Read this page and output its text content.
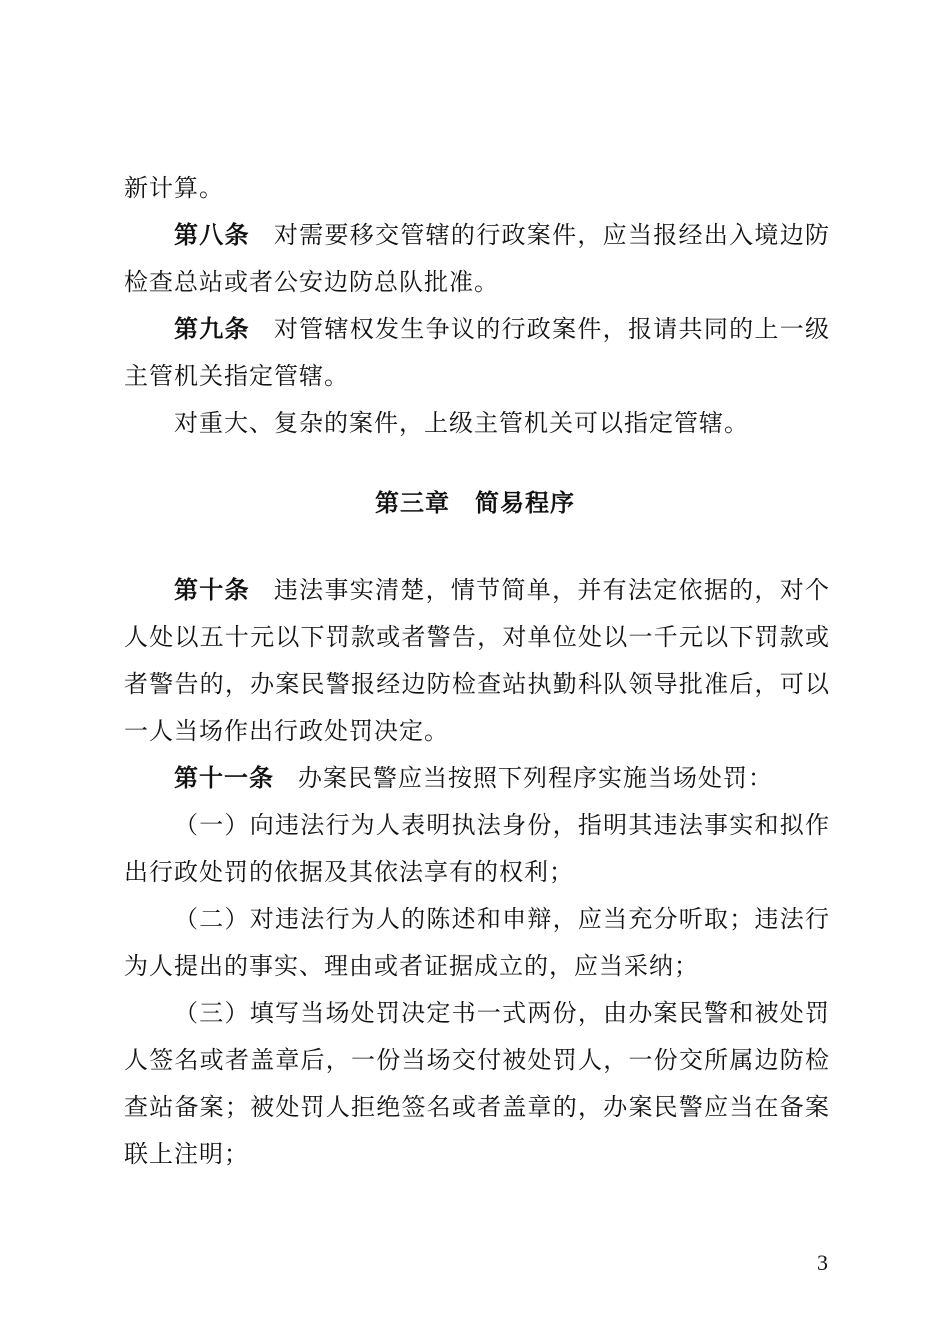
新计算。

第八条 对需要移交管辖的行政案件，应当报经出入境边防检查总站或者公安边防总队批准。

第九条 对管辖权发生争议的行政案件，报请共同的上一级主管机关指定管辖。

对重大、复杂的案件，上级主管机关可以指定管辖。

第三章　简易程序

第十条 违法事实清楚，情节简单，并有法定依据的，对个人处以五十元以下罚款或者警告，对单位处以一千元以下罚款或者警告的，办案民警报经边防检查站执勤科队领导批准后，可以一人当场作出行政处罚决定。

第十一条 办案民警应当按照下列程序实施当场处罚：

（一）向违法行为人表明执法身份，指明其违法事实和拟作出行政处罚的依据及其依法享有的权利；

（二）对违法行为人的陈述和申辩，应当充分听取；违法行为人提出的事实、理由或者证据成立的，应当采纳；

（三）填写当场处罚决定书一式两份，由办案民警和被处罚人签名或者盖章后，一份当场交付被处罚人，一份交所属边防检查站备案；被处罚人拒绝签名或者盖章的，办案民警应当在备案联上注明；

3
